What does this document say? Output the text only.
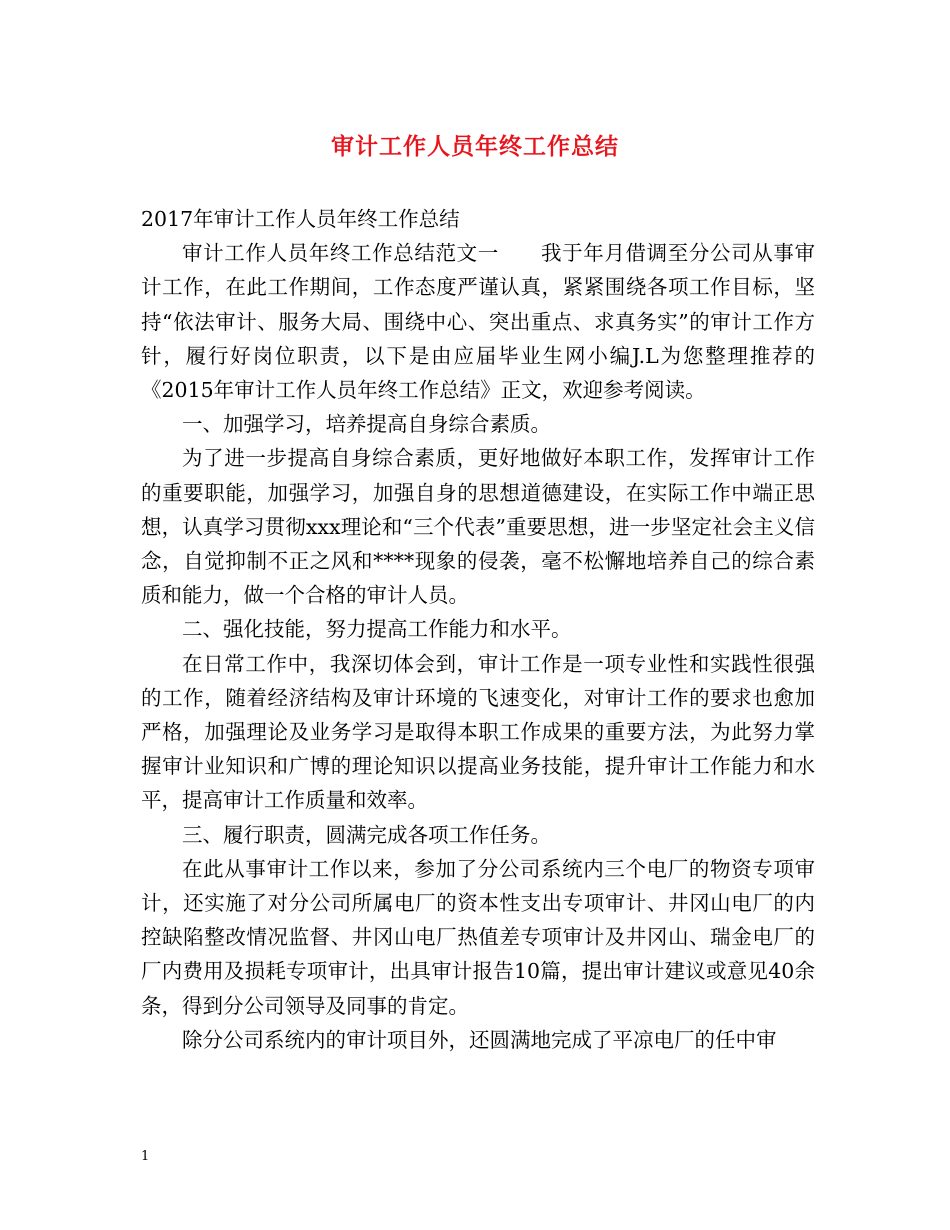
审计工作人员年终工作总结

2017年审计工作人员年终工作总结

审计工作人员年终工作总结范文一　　我于年月借调至分公司从事审计工作，在此工作期间，工作态度严谨认真，紧紧围绕各项工作目标，坚持“依法审计、服务大局、围绕中心、突出重点、求真务实”的审计工作方针，履行好岗位职责，以下是由应届毕业生网小编J.L为您整理推荐的《2015年审计工作人员年终工作总结》正文，欢迎参考阅读。

一、加强学习，培养提高自身综合素质。

为了进一步提高自身综合素质，更好地做好本职工作，发挥审计工作的重要职能，加强学习，加强自身的思想道德建设，在实际工作中端正思想，认真学习贯彻xxx理论和“三个代表”重要思想，进一步坚定社会主义信念，自觉抑制不正之风和****现象的侵袭，毫不松懈地培养自己的综合素质和能力，做一个合格的审计人员。

二、强化技能，努力提高工作能力和水平。

在日常工作中，我深切体会到，审计工作是一项专业性和实践性很强的工作，随着经济结构及审计环境的飞速变化，对审计工作的要求也愈加严格，加强理论及业务学习是取得本职工作成果的重要方法，为此努力掌握审计业知识和广博的理论知识以提高业务技能，提升审计工作能力和水平，提高审计工作质量和效率。

三、履行职责，圆满完成各项工作任务。

在此从事审计工作以来，参加了分公司系统内三个电厂的物资专项审计，还实施了对分公司所属电厂的资本性支出专项审计、井冈山电厂的内控缺陷整改情况监督、井冈山电厂热值差专项审计及井冈山、瑞金电厂的厂内费用及损耗专项审计，出具审计报告10篇，提出审计建议或意见40余条，得到分公司领导及同事的肯定。

除分公司系统内的审计项目外，还圆满地完成了平凉电厂的任中审

1
